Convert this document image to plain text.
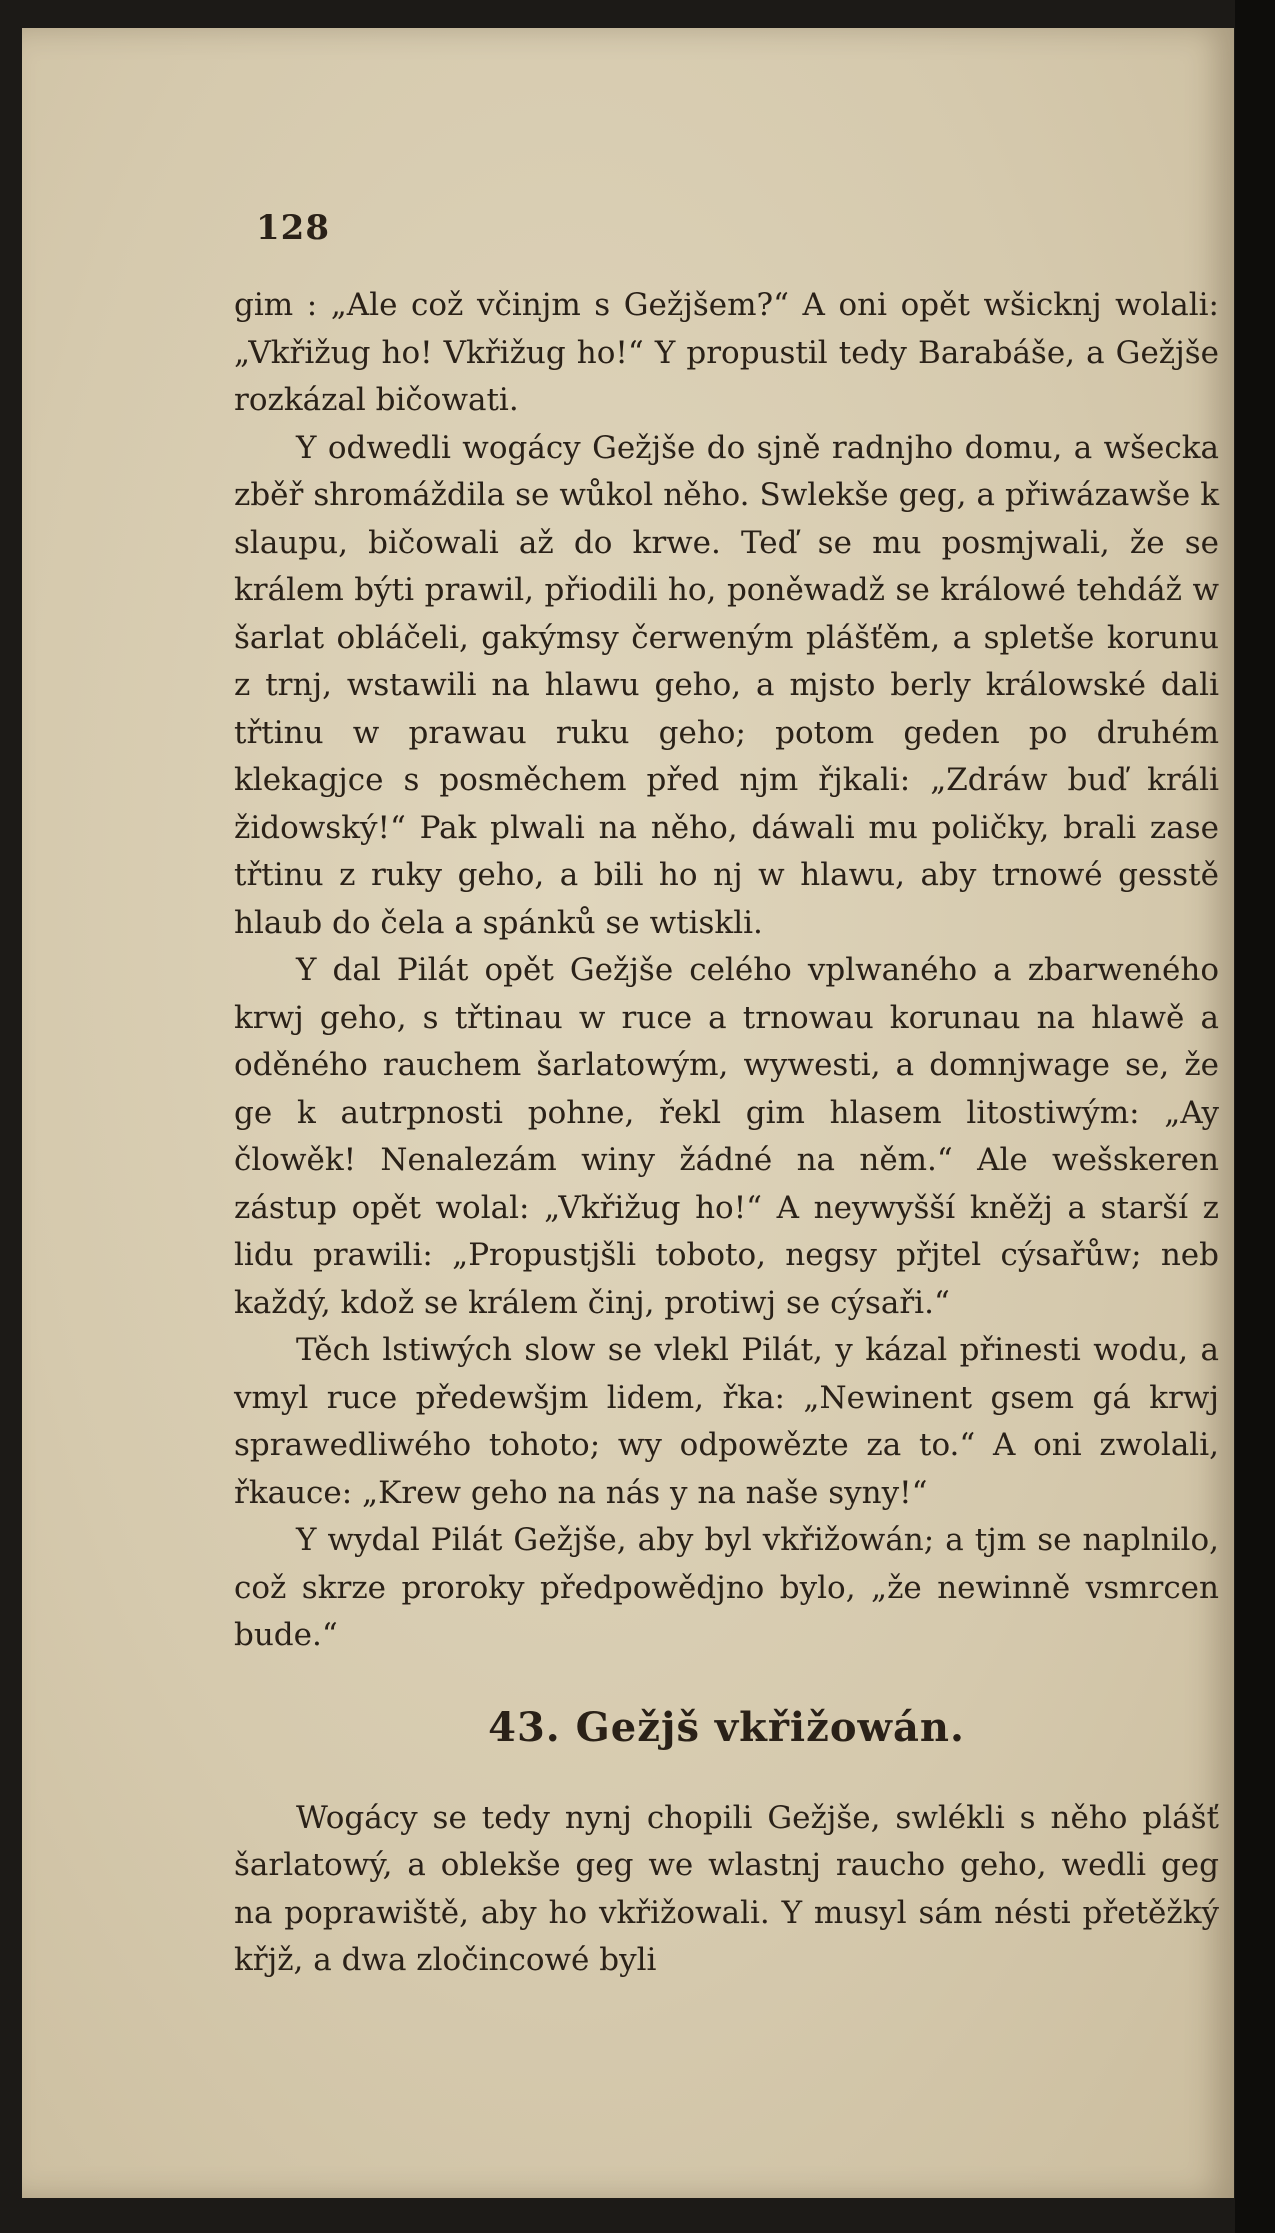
128

gim : „Ale což včinjm s Gežjšem?“ A oni opět wšicknj wolali: „Vkřižug ho! Vkřižug ho!“ Y propustil tedy Barabáše, a Gežjše rozkázal bičowati.

Y odwedli wogácy Gežjše do sjně radnjho domu, a wšecka zběř shromáždila se wůkol něho. Swlekše geg, a přiwázawše k slaupu, bičowali až do krwe. Teď se mu posmjwali, že se králem býti prawil, přiodili ho, poněwadž se králowé tehdáž w šarlat obláčeli, gakýmsy čerweným plášťěm, a spletše korunu z trnj, wstawili na hlawu geho, a mjsto berly králowské dali třtinu w prawau ruku geho; potom geden po druhém klekagjce s posměchem před njm řjkali: „Zdráw buď králi židowský!“ Pak plwali na něho, dáwali mu poličky, brali zase třtinu z ruky geho, a bili ho nj w hlawu, aby trnowé gesstě hlaub do čela a spánků se wtiskli.

Y dal Pilát opět Gežjše celého vplwaného a zbarweného krwj geho, s třtinau w ruce a trnowau korunau na hlawě a oděného rauchem šarlatowým, wywesti, a domnjwage se, že ge k autrpnosti pohne, řekl gim hlasem litostiwým: „Ay člowěk! Nenalezám winy žádné na něm.“ Ale wešskeren zástup opět wolal: „Vkřižug ho!“ A neywyšší kněžj a starší z lidu prawili: „Propustjšli toboto, negsy přjtel cýsařůw; neb každý, kdož se králem činj, protiwj se cýsaři.“

Těch lstiwých slow se vlekl Pilát, y kázal přinesti wodu, a vmyl ruce předewšjm lidem, řka: „Newinent gsem gá krwj sprawedliwého tohoto; wy odpowězte za to.“ A oni zwolali, řkauce: „Krew geho na nás y na naše syny!“

Y wydal Pilát Gežjše, aby byl vkřižowán; a tjm se naplnilo, což skrze proroky předpowědjno bylo, „že newinně vsmrcen bude.“

43. Gežjš vkřižowán.

Wogácy se tedy nynj chopili Gežjše, swlékli s něho plášť šarlatowý, a oblekše geg we wlastnj raucho geho, wedli geg na poprawiště, aby ho vkřižowali. Y musyl sám nésti přetěžký křjž, a dwa zločincowé byli
